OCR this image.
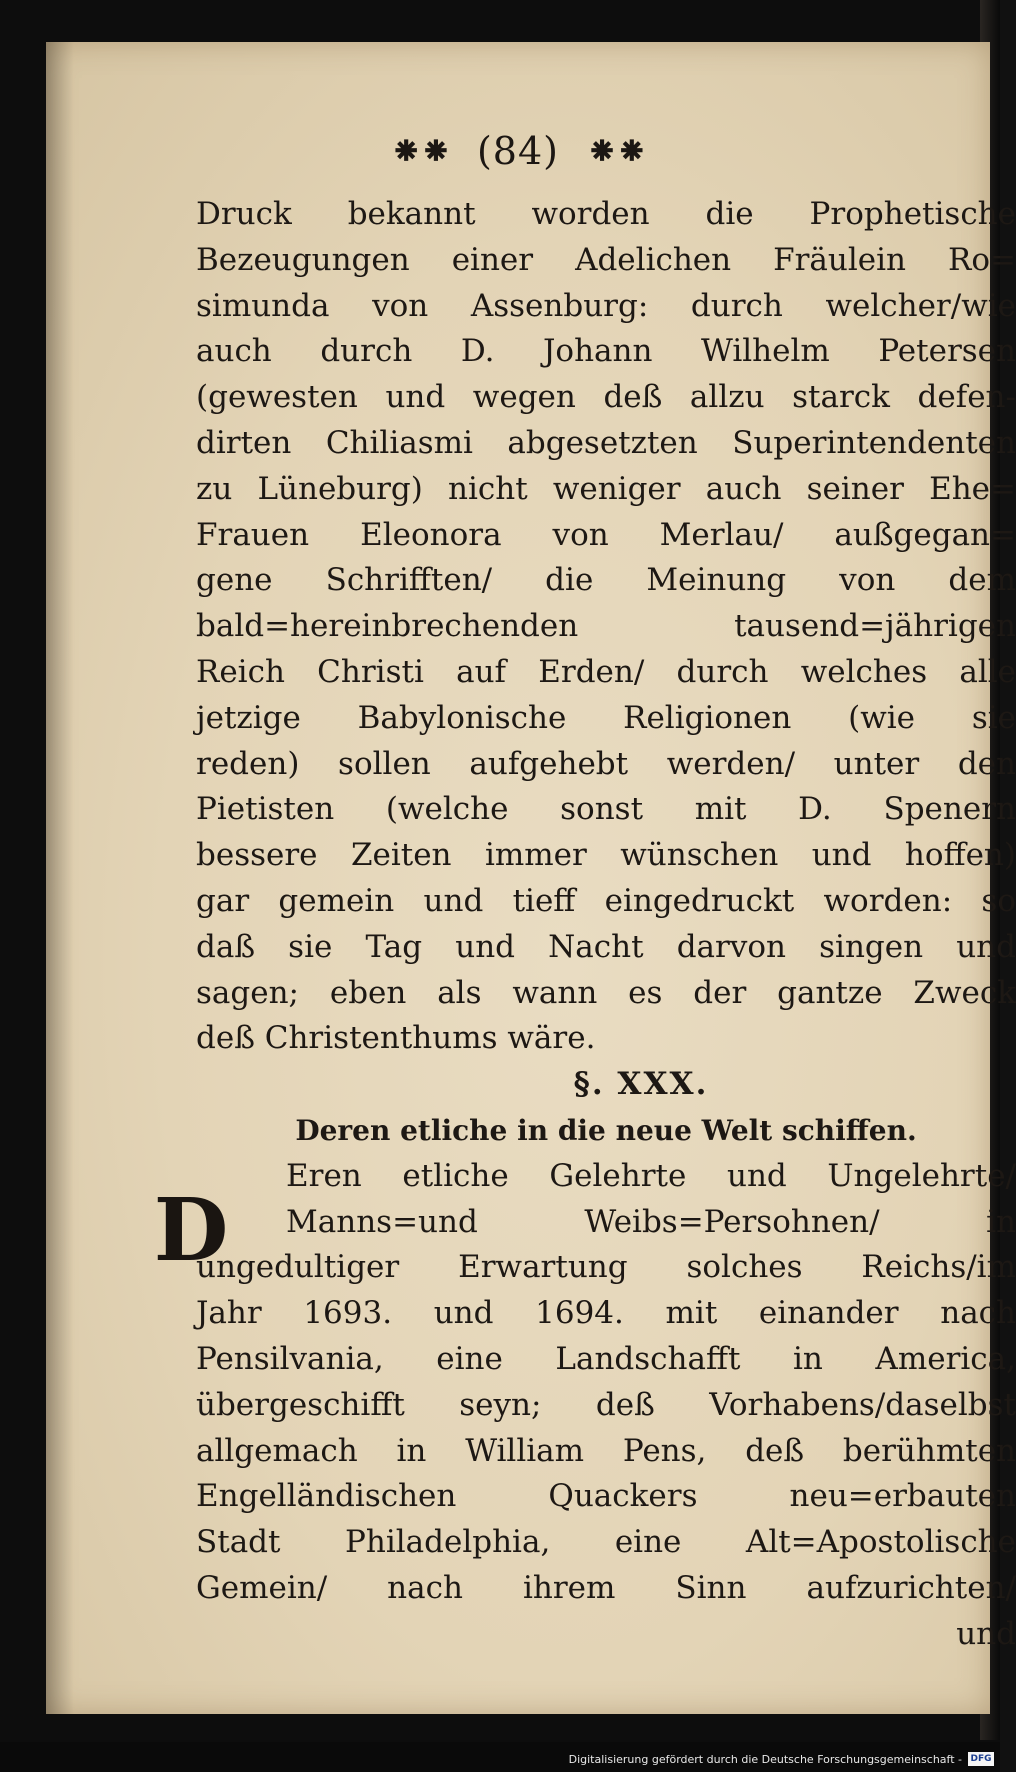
⁕⁕ (84) ⁕⁕
Druck bekannt worden die Prophetische
Bezeugungen einer Adelichen Fräulein Ro=
simunda von Assenburg: durch welcher/wie
auch durch D. Johann Wilhelm Petersen
(gewesten und wegen deß allzu starck defen-
dirten Chiliasmi abgesetzten Superintendenten
zu Lüneburg) nicht weniger auch seiner Ehe=
Frauen Eleonora von Merlau/ außgegan=
gene Schrifften/ die Meinung von dem
bald=hereinbrechenden tausend=jährigen
Reich Christi auf Erden/ durch welches alle
jetzige Babylonische Religionen (wie sie
reden) sollen aufgehebt werden/ unter den
Pietisten (welche sonst mit D. Spenern
bessere Zeiten immer wünschen und hoffen)
gar gemein und tieff eingedruckt worden: so
daß sie Tag und Nacht darvon singen und
sagen; eben als wann es der gantze Zweck
deß Christenthums wäre.
§. XXX.
Deren etliche in die neue Welt schiffen.
Eren etliche Gelehrte und Ungelehrte/
Manns=und Weibs=Persohnen/ in
ungedultiger Erwartung solches Reichs/im
Jahr 1693. und 1694. mit einander nach
Pensilvania, eine Landschafft in America,
übergeschifft seyn; deß Vorhabens/daselbst
allgemach in William Pens, deß berühmten
Engelländischen Quackers neu=erbauten
Stadt Philadelphia, eine Alt=Apostolische
Gemein/ nach ihrem Sinn aufzurichten/
und
D
Digitalisierung gefördert durch die Deutsche Forschungsgemeinschaft - DFG
